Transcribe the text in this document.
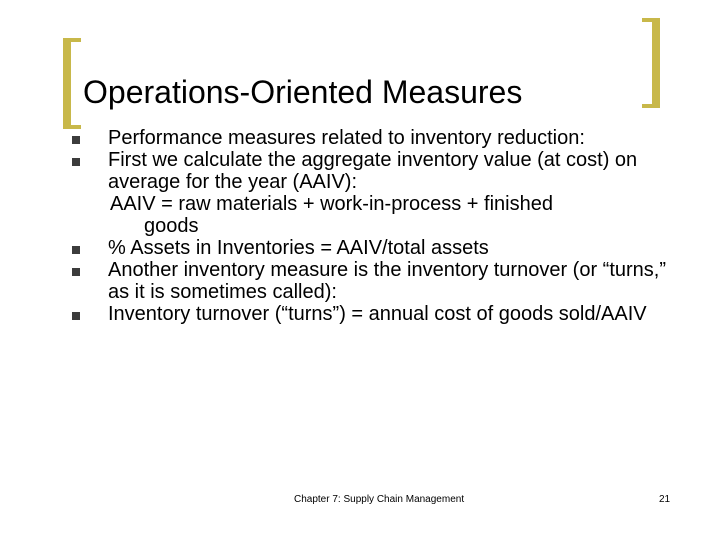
Operations-Oriented Measures
Performance measures related to inventory reduction:
First we calculate the aggregate inventory value (at cost) on average for the year (AAIV):
AAIV = raw materials + work-in-process + finished
goods
% Assets in Inventories = AAIV/total assets
Another inventory measure is the inventory turnover (or “turns,” as it is sometimes called):
Inventory turnover (“turns”) = annual cost of goods sold/AAIV
Chapter 7: Supply Chain Management	21
